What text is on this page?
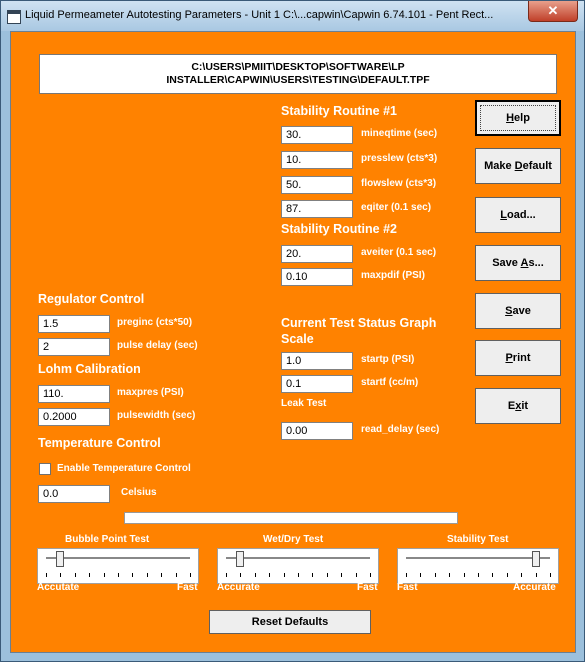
Liquid Permeameter Autotesting Parameters - Unit 1 C:\...capwin\Capwin 6.74.101 - Pent Rect...	✕
C:\USERS\PMIIT\DESKTOP\SOFTWARE\LP
INSTALLER\CAPWIN\USERS\TESTING\DEFAULT.TPF
Stability Routine #1
30.	mineqtime (sec)
10.	presslew (cts*3)
50.	flowslew (cts*3)
87.	eqiter (0.1 sec)
Stability Routine #2
20.	aveiter (0.1 sec)
0.10	maxpdif (PSI)
Regulator Control
1.5	preginc (cts*50)
2	pulse delay (sec)
Lohm Calibration
110.	maxpres (PSI)
0.2000	pulsewidth (sec)
Temperature Control
Enable Temperature Control
0.0	Celsius
Current Test Status Graph
Scale
1.0	startp (PSI)
0.1	startf (cc/m)
Leak Test
0.00	read_delay (sec)
Help
Make Default
Load...
Save As...
Save
Print
Exit
Bubble Point Test
Accutate	Fast
Wet/Dry Test
Accurate	Fast
Stability Test
Fast	Accurate
Reset Defaults
